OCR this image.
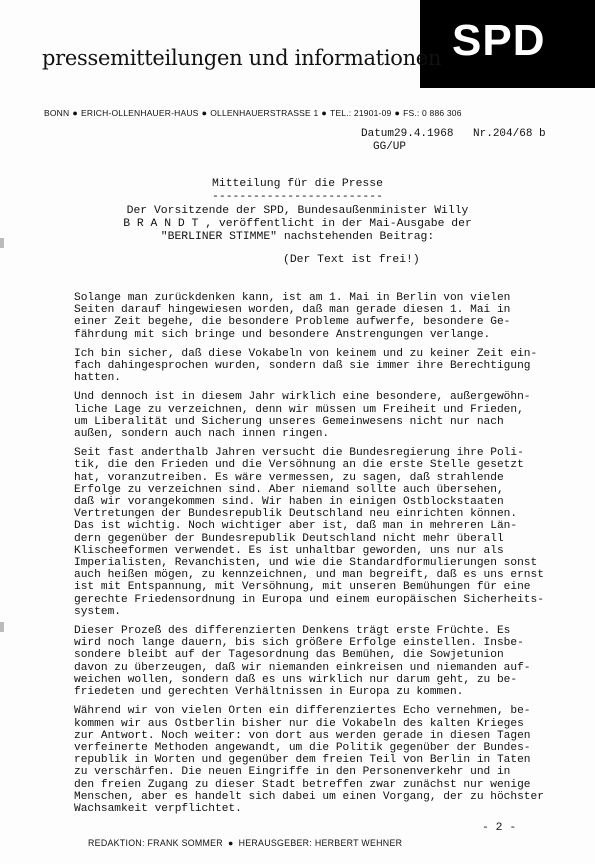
SPD
pressemitteilungen und informationen
BONN ● ERICH-OLLENHAUER-HAUS ● OLLENHAUERSTRASSE 1 ● TEL.: 21901-09 ● FS.: 0 886 306
Datum29.4.1968 Nr.204/68 b
GG/UP
Mitteilung für die Presse
-------------------------
Der Vorsitzende der SPD, Bundesaußenminister Willy
B R A N D T , veröffentlicht in der Mai-Ausgabe der
"BERLINER STIMME" nachstehenden Beitrag:
(Der Text ist frei!)
Solange man zurückdenken kann, ist am 1. Mai in Berlin von vielen
Seiten darauf hingewiesen worden, daß man gerade diesen 1. Mai in
einer Zeit begehe, die besondere Probleme aufwerfe, besondere Ge-
fährdung mit sich bringe und besondere Anstrengungen verlange.
Ich bin sicher, daß diese Vokabeln von keinem und zu keiner Zeit ein-
fach dahingesprochen wurden, sondern daß sie immer ihre Berechtigung
hatten.
Und dennoch ist in diesem Jahr wirklich eine besondere, außergewöhn-
liche Lage zu verzeichnen, denn wir müssen um Freiheit und Frieden,
um Liberalität und Sicherung unseres Gemeinwesens nicht nur nach
außen, sondern auch nach innen ringen.
Seit fast anderthalb Jahren versucht die Bundesregierung ihre Poli-
tik, die den Frieden und die Versöhnung an die erste Stelle gesetzt
hat, voranzutreiben. Es wäre vermessen, zu sagen, daß strahlende
Erfolge zu verzeichnen sind. Aber niemand sollte auch übersehen,
daß wir vorangekommen sind. Wir haben in einigen Ostblockstaaten
Vertretungen der Bundesrepublik Deutschland neu einrichten können.
Das ist wichtig. Noch wichtiger aber ist, daß man in mehreren Län-
dern gegenüber der Bundesrepublik Deutschland nicht mehr überall
Klischeeformen verwendet. Es ist unhaltbar geworden, uns nur als
Imperialisten, Revanchisten, und wie die Standardformulierungen sonst
auch heißen mögen, zu kennzeichnen, und man begreift, daß es uns ernst
ist mit Entspannung, mit Versöhnung, mit unseren Bemühungen für eine
gerechte Friedensordnung in Europa und einem europäischen Sicherheits-
system.
Dieser Prozeß des differenzierten Denkens trägt erste Früchte. Es
wird noch lange dauern, bis sich größere Erfolge einstellen. Insbe-
sondere bleibt auf der Tagesordnung das Bemühen, die Sowjetunion
davon zu überzeugen, daß wir niemanden einkreisen und niemanden auf-
weichen wollen, sondern daß es uns wirklich nur darum geht, zu be-
friedeten und gerechten Verhältnissen in Europa zu kommen.
Während wir von vielen Orten ein differenziertes Echo vernehmen, be-
kommen wir aus Ostberlin bisher nur die Vokabeln des kalten Krieges
zur Antwort. Noch weiter: von dort aus werden gerade in diesen Tagen
verfeinerte Methoden angewandt, um die Politik gegenüber der Bundes-
republik in Worten und gegenüber dem freien Teil von Berlin in Taten
zu verschärfen. Die neuen Eingriffe in den Personenverkehr und in
den freien Zugang zu dieser Stadt betreffen zwar zunächst nur wenige
Menschen, aber es handelt sich dabei um einen Vorgang, der zu höchster
Wachsamkeit verpflichtet.
- 2 -
REDAKTION: FRANK SOMMER ● HERAUSGEBER: HERBERT WEHNER
